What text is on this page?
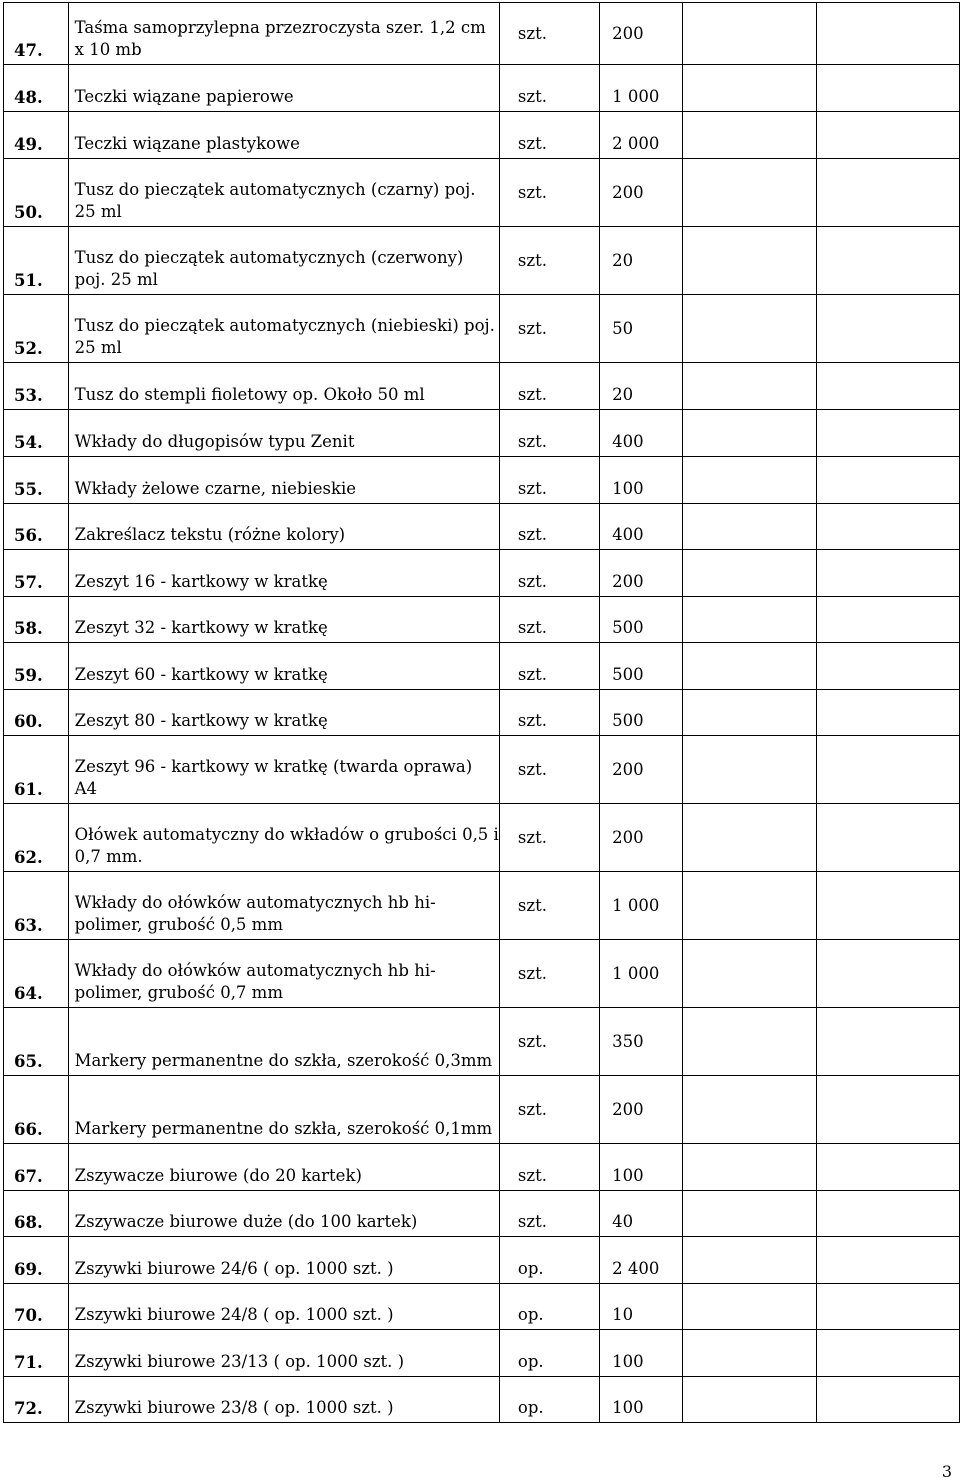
47.	Taśma samoprzylepna przezroczysta szer. 1,2 cm x 10 mb	szt.	200		
48.	Teczki wiązane papierowe	szt.	1 000		
49.	Teczki wiązane plastykowe	szt.	2 000		
50.	Tusz do pieczątek automatycznych (czarny) poj. 25 ml	szt.	200		
51.	Tusz do pieczątek automatycznych (czerwony) poj. 25 ml	szt.	20		
52.	Tusz do pieczątek automatycznych (niebieski) poj. 25 ml	szt.	50		
53.	Tusz do stempli fioletowy op. Około 50 ml	szt.	20		
54.	Wkłady do długopisów typu Zenit	szt.	400		
55.	Wkłady żelowe czarne, niebieskie	szt.	100		
56.	Zakreślacz tekstu (różne kolory)	szt.	400		
57.	Zeszyt 16 - kartkowy w kratkę	szt.	200		
58.	Zeszyt 32 - kartkowy w kratkę	szt.	500		
59.	Zeszyt 60 - kartkowy w kratkę	szt.	500		
60.	Zeszyt 80 - kartkowy w kratkę	szt.	500		
61.	Zeszyt 96 - kartkowy w kratkę (twarda oprawa) A4	szt.	200		
62.	Ołówek automatyczny do wkładów o grubości 0,5 i 0,7 mm.	szt.	200		
63.	Wkłady do ołówków automatycznych hb hi-polimer, grubość 0,5 mm	szt.	1 000		
64.	Wkłady do ołówków automatycznych hb hi-polimer, grubość 0,7 mm	szt.	1 000		
65.	Markery permanentne do szkła, szerokość 0,3mm	szt.	350		
66.	Markery permanentne do szkła, szerokość 0,1mm	szt.	200		
67.	Zszywacze biurowe (do 20 kartek)	szt.	100		
68.	Zszywacze biurowe duże (do 100 kartek)	szt.	40		
69.	Zszywki biurowe 24/6 ( op. 1000 szt. )	op.	2 400		
70.	Zszywki biurowe 24/8 ( op. 1000 szt. )	op.	10		
71.	Zszywki biurowe 23/13 ( op. 1000 szt. )	op.	100		
72.	Zszywki biurowe 23/8 ( op. 1000 szt. )	op.	100		
3
